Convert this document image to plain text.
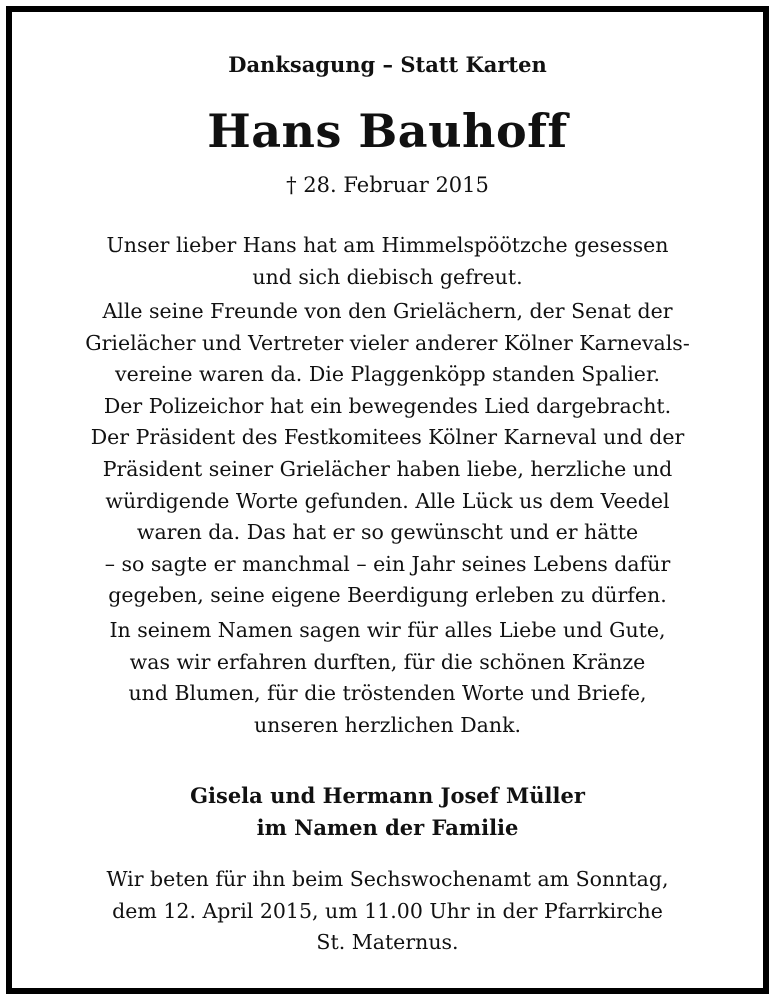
Danksagung – Statt Karten
Hans Bauhoff
† 28. Februar 2015
Unser lieber Hans hat am Himmelspöötzche gesessen
und sich diebisch gefreut.
Alle seine Freunde von den Grielächern, der Senat der
Grielächer und Vertreter vieler anderer Kölner Karnevals-
vereine waren da. Die Plaggenköpp standen Spalier.
Der Polizeichor hat ein bewegendes Lied dargebracht.
Der Präsident des Festkomitees Kölner Karneval und der
Präsident seiner Grielächer haben liebe, herzliche und
würdigende Worte gefunden. Alle Lück us dem Veedel
waren da. Das hat er so gewünscht und er hätte
– so sagte er manchmal – ein Jahr seines Lebens dafür
gegeben, seine eigene Beerdigung erleben zu dürfen.
In seinem Namen sagen wir für alles Liebe und Gute,
was wir erfahren durften, für die schönen Kränze
und Blumen, für die tröstenden Worte und Briefe,
unseren herzlichen Dank.
Gisela und Hermann Josef Müller
im Namen der Familie
Wir beten für ihn beim Sechswochenamt am Sonntag,
dem 12. April 2015, um 11.00 Uhr in der Pfarrkirche
St. Maternus.
